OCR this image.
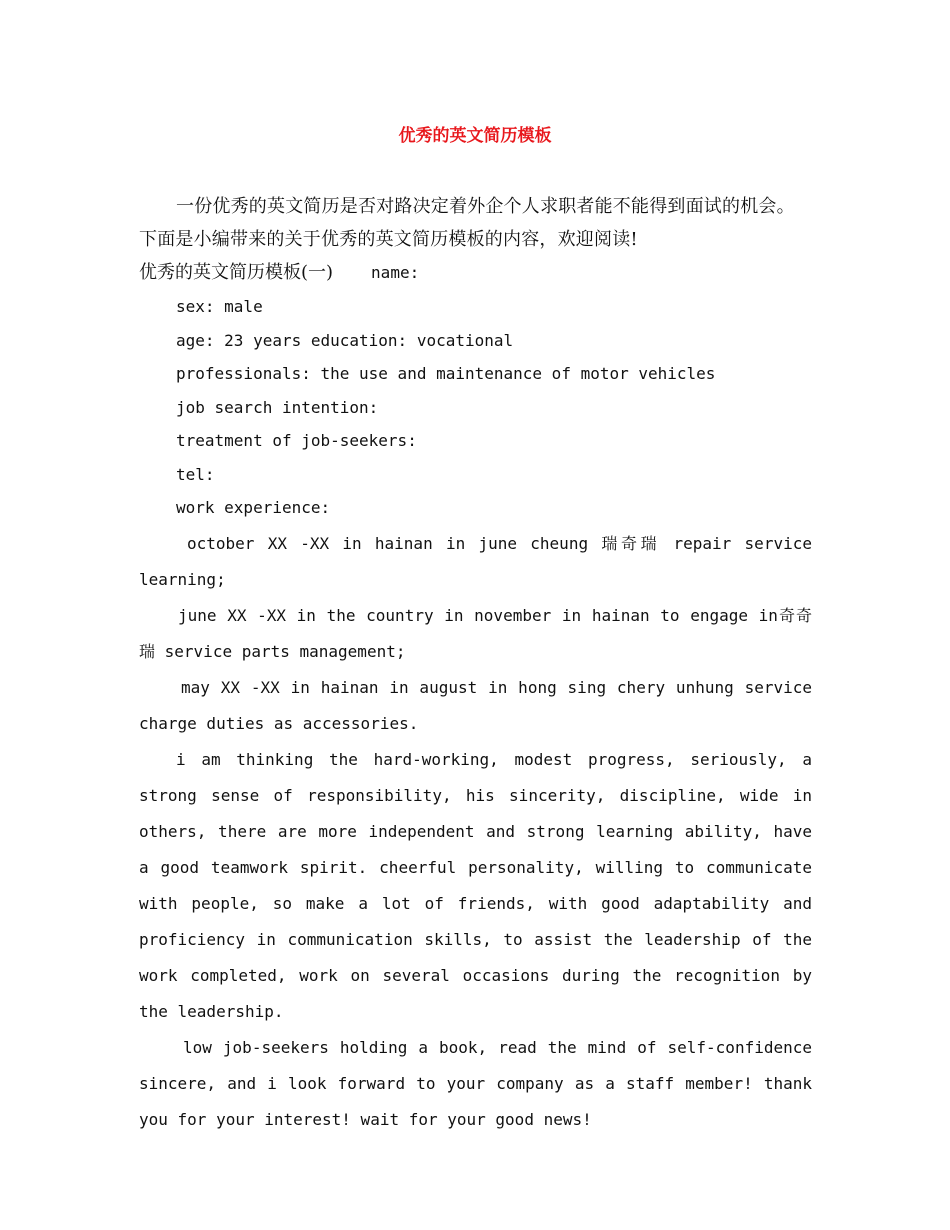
优秀的英文简历模板

一份优秀的英文简历是否对路决定着外企个人求职者能不能得到面试的机会。
下面是小编带来的关于优秀的英文简历模板的内容，欢迎阅读!

优秀的英文简历模板(一) name:
sex: male
age: 23 years education: vocational
professionals: the use and maintenance of motor vehicles
job search intention:
treatment of job-seekers:
tel:
work experience:

october XX -XX in hainan in june cheung 瑞奇瑞 repair service learning;

june XX -XX in the country in november in hainan to engage in奇奇瑞 service parts management;

may XX -XX in hainan in august in hong sing chery unhung service charge duties as accessories.

i am thinking the hard-working, modest progress, seriously, a strong sense of responsibility, his sincerity, discipline, wide in others, there are more independent and strong learning ability, have a good teamwork spirit. cheerful personality, willing to communicate with people, so make a lot of friends, with good adaptability and proficiency in communication skills, to assist the leadership of the work completed, work on several occasions during the recognition by the leadership.

low job-seekers holding a book, read the mind of self-confidence sincere, and i look forward to your company as a staff member! thank you for your interest! wait for your good news!
